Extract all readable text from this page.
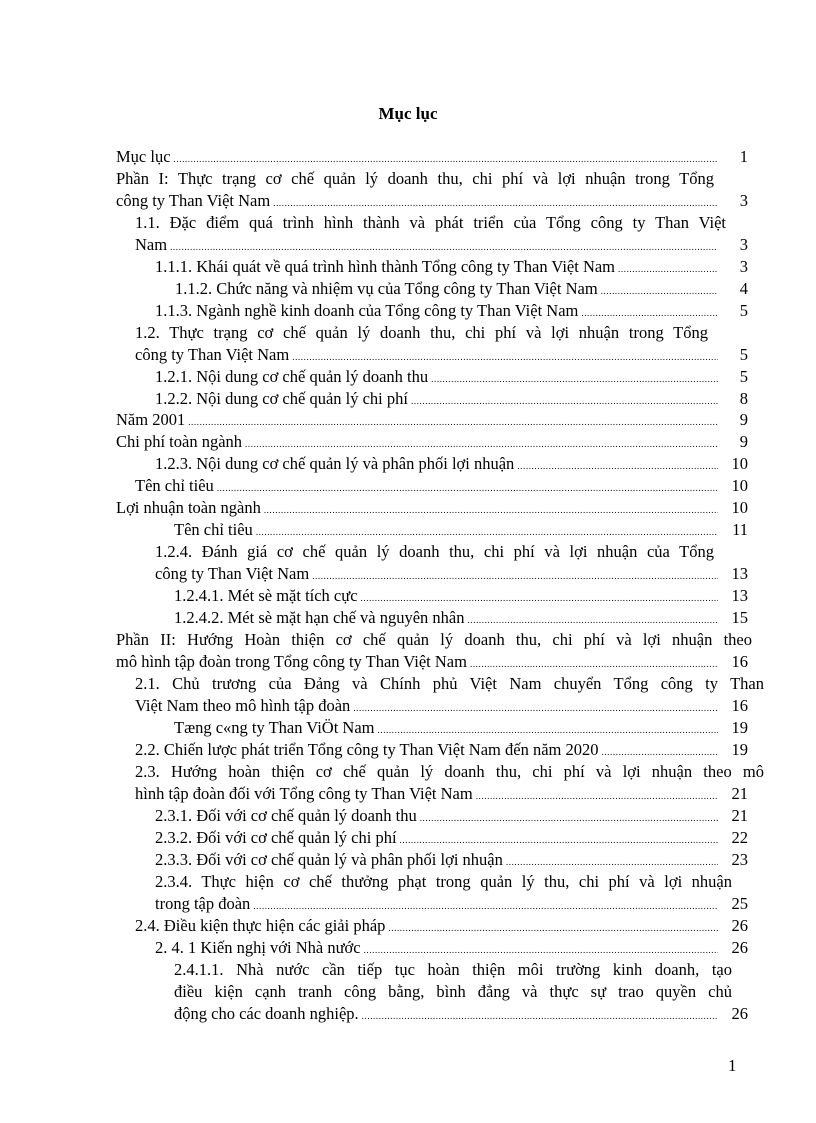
Mục lục
Mục lục .....	1
Phần I: Thực trạng cơ chế quản lý doanh thu, chi phí và lợi nhuận trong Tổng
công ty Than Việt Nam .....	3
1.1. Đặc điểm quá trình hình thành và phát triển của Tổng công ty Than Việt
Nam .....	3
1.1.1. Khái quát về quá trình hình thành Tổng công ty Than Việt Nam .....	3
1.1.2. Chức năng và nhiệm vụ của Tổng công ty Than Việt Nam .....	4
1.1.3. Ngành nghề kinh doanh của Tổng công ty Than Việt Nam .....	5
1.2. Thực trạng cơ chế quản lý doanh thu, chi phí và lợi nhuận trong Tổng
công ty Than Việt Nam .....	5
1.2.1. Nội dung cơ chế quản lý doanh thu .....	5
1.2.2. Nội dung cơ chế quản lý chi phí .....	8
Năm 2001 .....	9
Chi phí toàn ngành .....	9
1.2.3. Nội dung cơ chế quản lý và phân phối lợi nhuận .....	10
Tên chỉ tiêu .....	10
Lợi nhuận toàn ngành .....	10
Tên chỉ tiêu .....	11
1.2.4. Đánh giá cơ chế quản lý doanh thu, chi phí và lợi nhuận của Tổng
công ty Than Việt Nam .....	13
1.2.4.1. Mét sè mặt tích cực .....	13
1.2.4.2. Mét sè mặt hạn chế và nguyên nhân .....	15
Phần II: Hướng Hoàn thiện cơ chế quản lý doanh thu, chi phí và lợi nhuận theo
mô hình tập đoàn trong Tổng công ty Than Việt Nam .....	16
2.1. Chủ trương của Đảng và Chính phủ Việt Nam chuyển Tổng công ty Than
Việt Nam theo mô hình tập đoàn .....	16
Tæng c«ng ty Than ViÖt Nam .....	19
2.2. Chiến lược phát triển Tổng công ty Than Việt Nam đến năm 2020 .....	19
2.3. Hướng hoàn thiện cơ chế quản lý doanh thu, chi phí và lợi nhuận theo mô
hình tập đoàn đối với Tổng công ty Than Việt Nam .....	21
2.3.1. Đối với cơ chế quản lý doanh thu .....	21
2.3.2. Đối với cơ chế quản lý chi phí .....	22
2.3.3. Đối với cơ chế quản lý và phân phối lợi nhuận .....	23
2.3.4. Thực hiện cơ chế thưởng phạt trong quản lý thu, chi phí và lợi nhuận
trong tập đoàn .....	25
2.4. Điều kiện thực hiện các giải pháp .....	26
2. 4. 1 Kiến nghị với Nhà nước .....	26
2.4.1.1. Nhà nước cần tiếp tục hoàn thiện môi trường kinh doanh, tạo
điều kiện cạnh tranh công bằng, bình đẳng và thực sự trao quyền chủ
động cho các doanh nghiệp. .....	26
1
